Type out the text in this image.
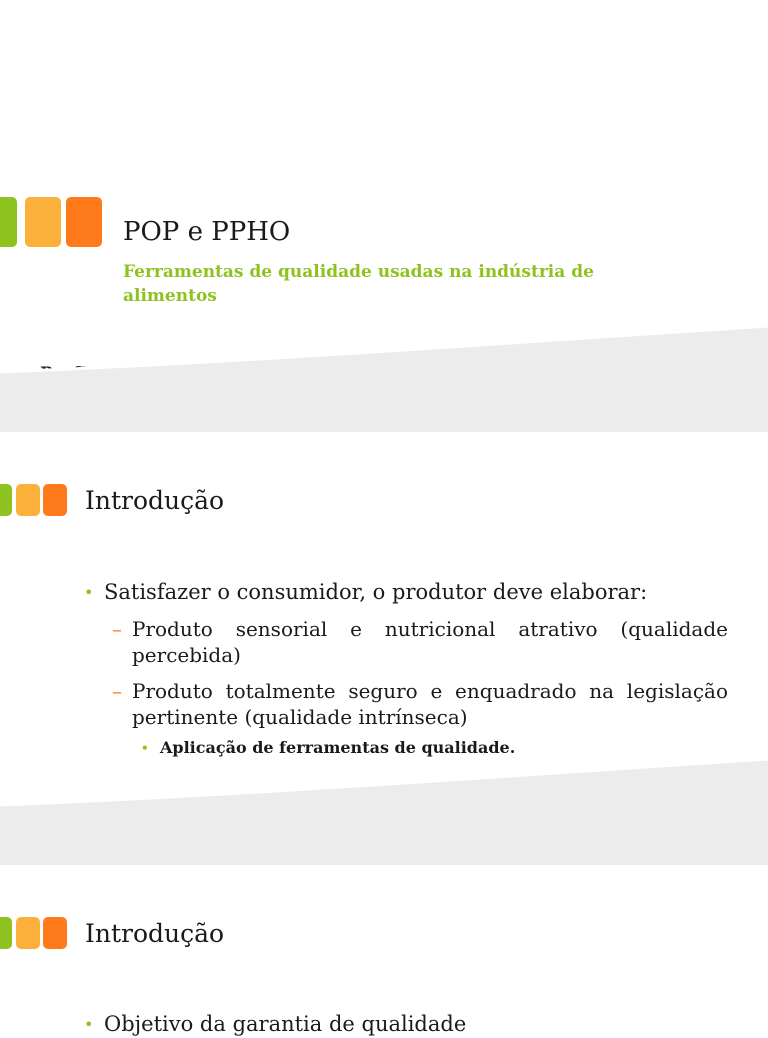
POP e PPHO
Ferramentas de qualidade usadas na indústria de alimentos
Introdução
• Satisfazer o consumidor, o produtor deve elaborar:
– Produto sensorial e nutricional atrativo (qualidade
percebida)
– Produto totalmente seguro e enquadrado na legislação
pertinente (qualidade intrínseca)
• Aplicação de ferramentas de qualidade.
Introdução
• Objetivo da garantia de qualidade
